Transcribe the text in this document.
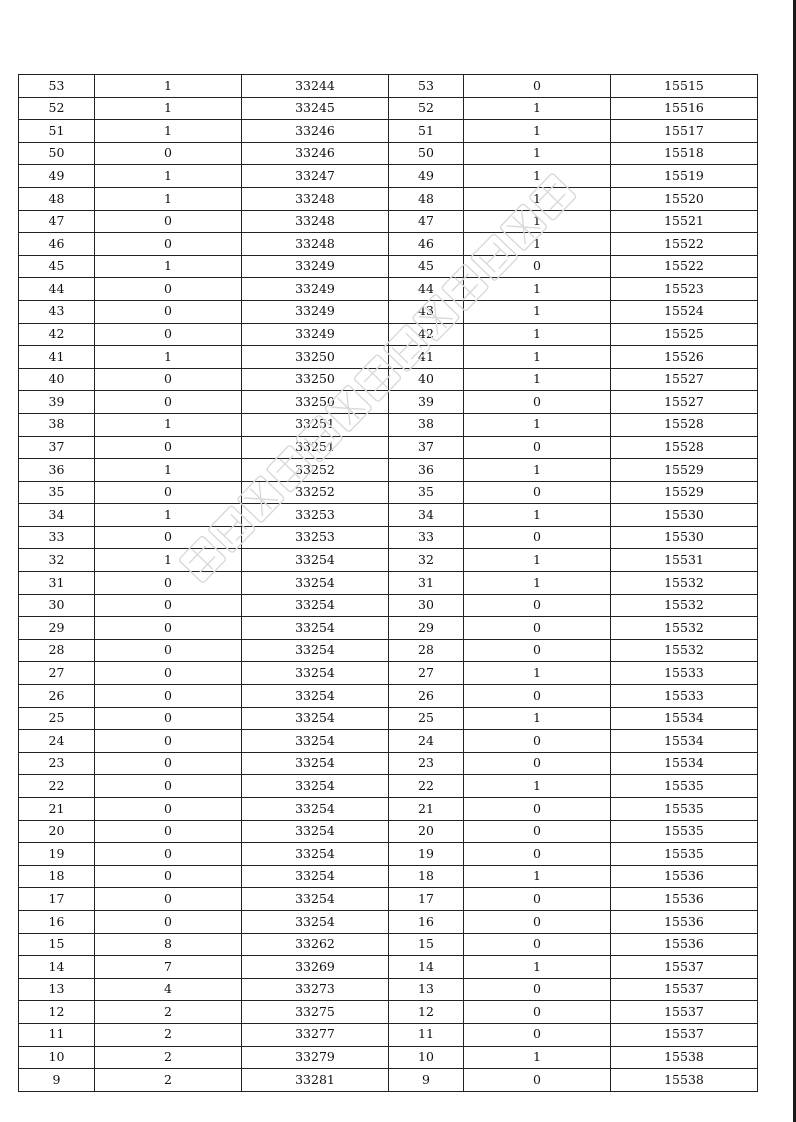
53	1	33244	53	0	15515
52	1	33245	52	1	15516
51	1	33246	51	1	15517
50	0	33246	50	1	15518
49	1	33247	49	1	15519
48	1	33248	48	1	15520
47	0	33248	47	1	15521
46	0	33248	46	1	15522
45	1	33249	45	0	15522
44	0	33249	44	1	15523
43	0	33249	43	1	15524
42	0	33249	42	1	15525
41	1	33250	41	1	15526
40	0	33250	40	1	15527
39	0	33250	39	0	15527
38	1	33251	38	1	15528
37	0	33251	37	0	15528
36	1	33252	36	1	15529
35	0	33252	35	0	15529
34	1	33253	34	1	15530
33	0	33253	33	0	15530
32	1	33254	32	1	15531
31	0	33254	31	1	15532
30	0	33254	30	0	15532
29	0	33254	29	0	15532
28	0	33254	28	0	15532
27	0	33254	27	1	15533
26	0	33254	26	0	15533
25	0	33254	25	1	15534
24	0	33254	24	0	15534
23	0	33254	23	0	15534
22	0	33254	22	1	15535
21	0	33254	21	0	15535
20	0	33254	20	0	15535
19	0	33254	19	0	15535
18	0	33254	18	1	15536
17	0	33254	17	0	15536
16	0	33254	16	0	15536
15	8	33262	15	0	15536
14	7	33269	14	1	15537
13	4	33273	13	0	15537
12	2	33275	12	0	15537
11	2	33277	11	0	15537
10	2	33279	10	1	15538
9	2	33281	9	0	15538
